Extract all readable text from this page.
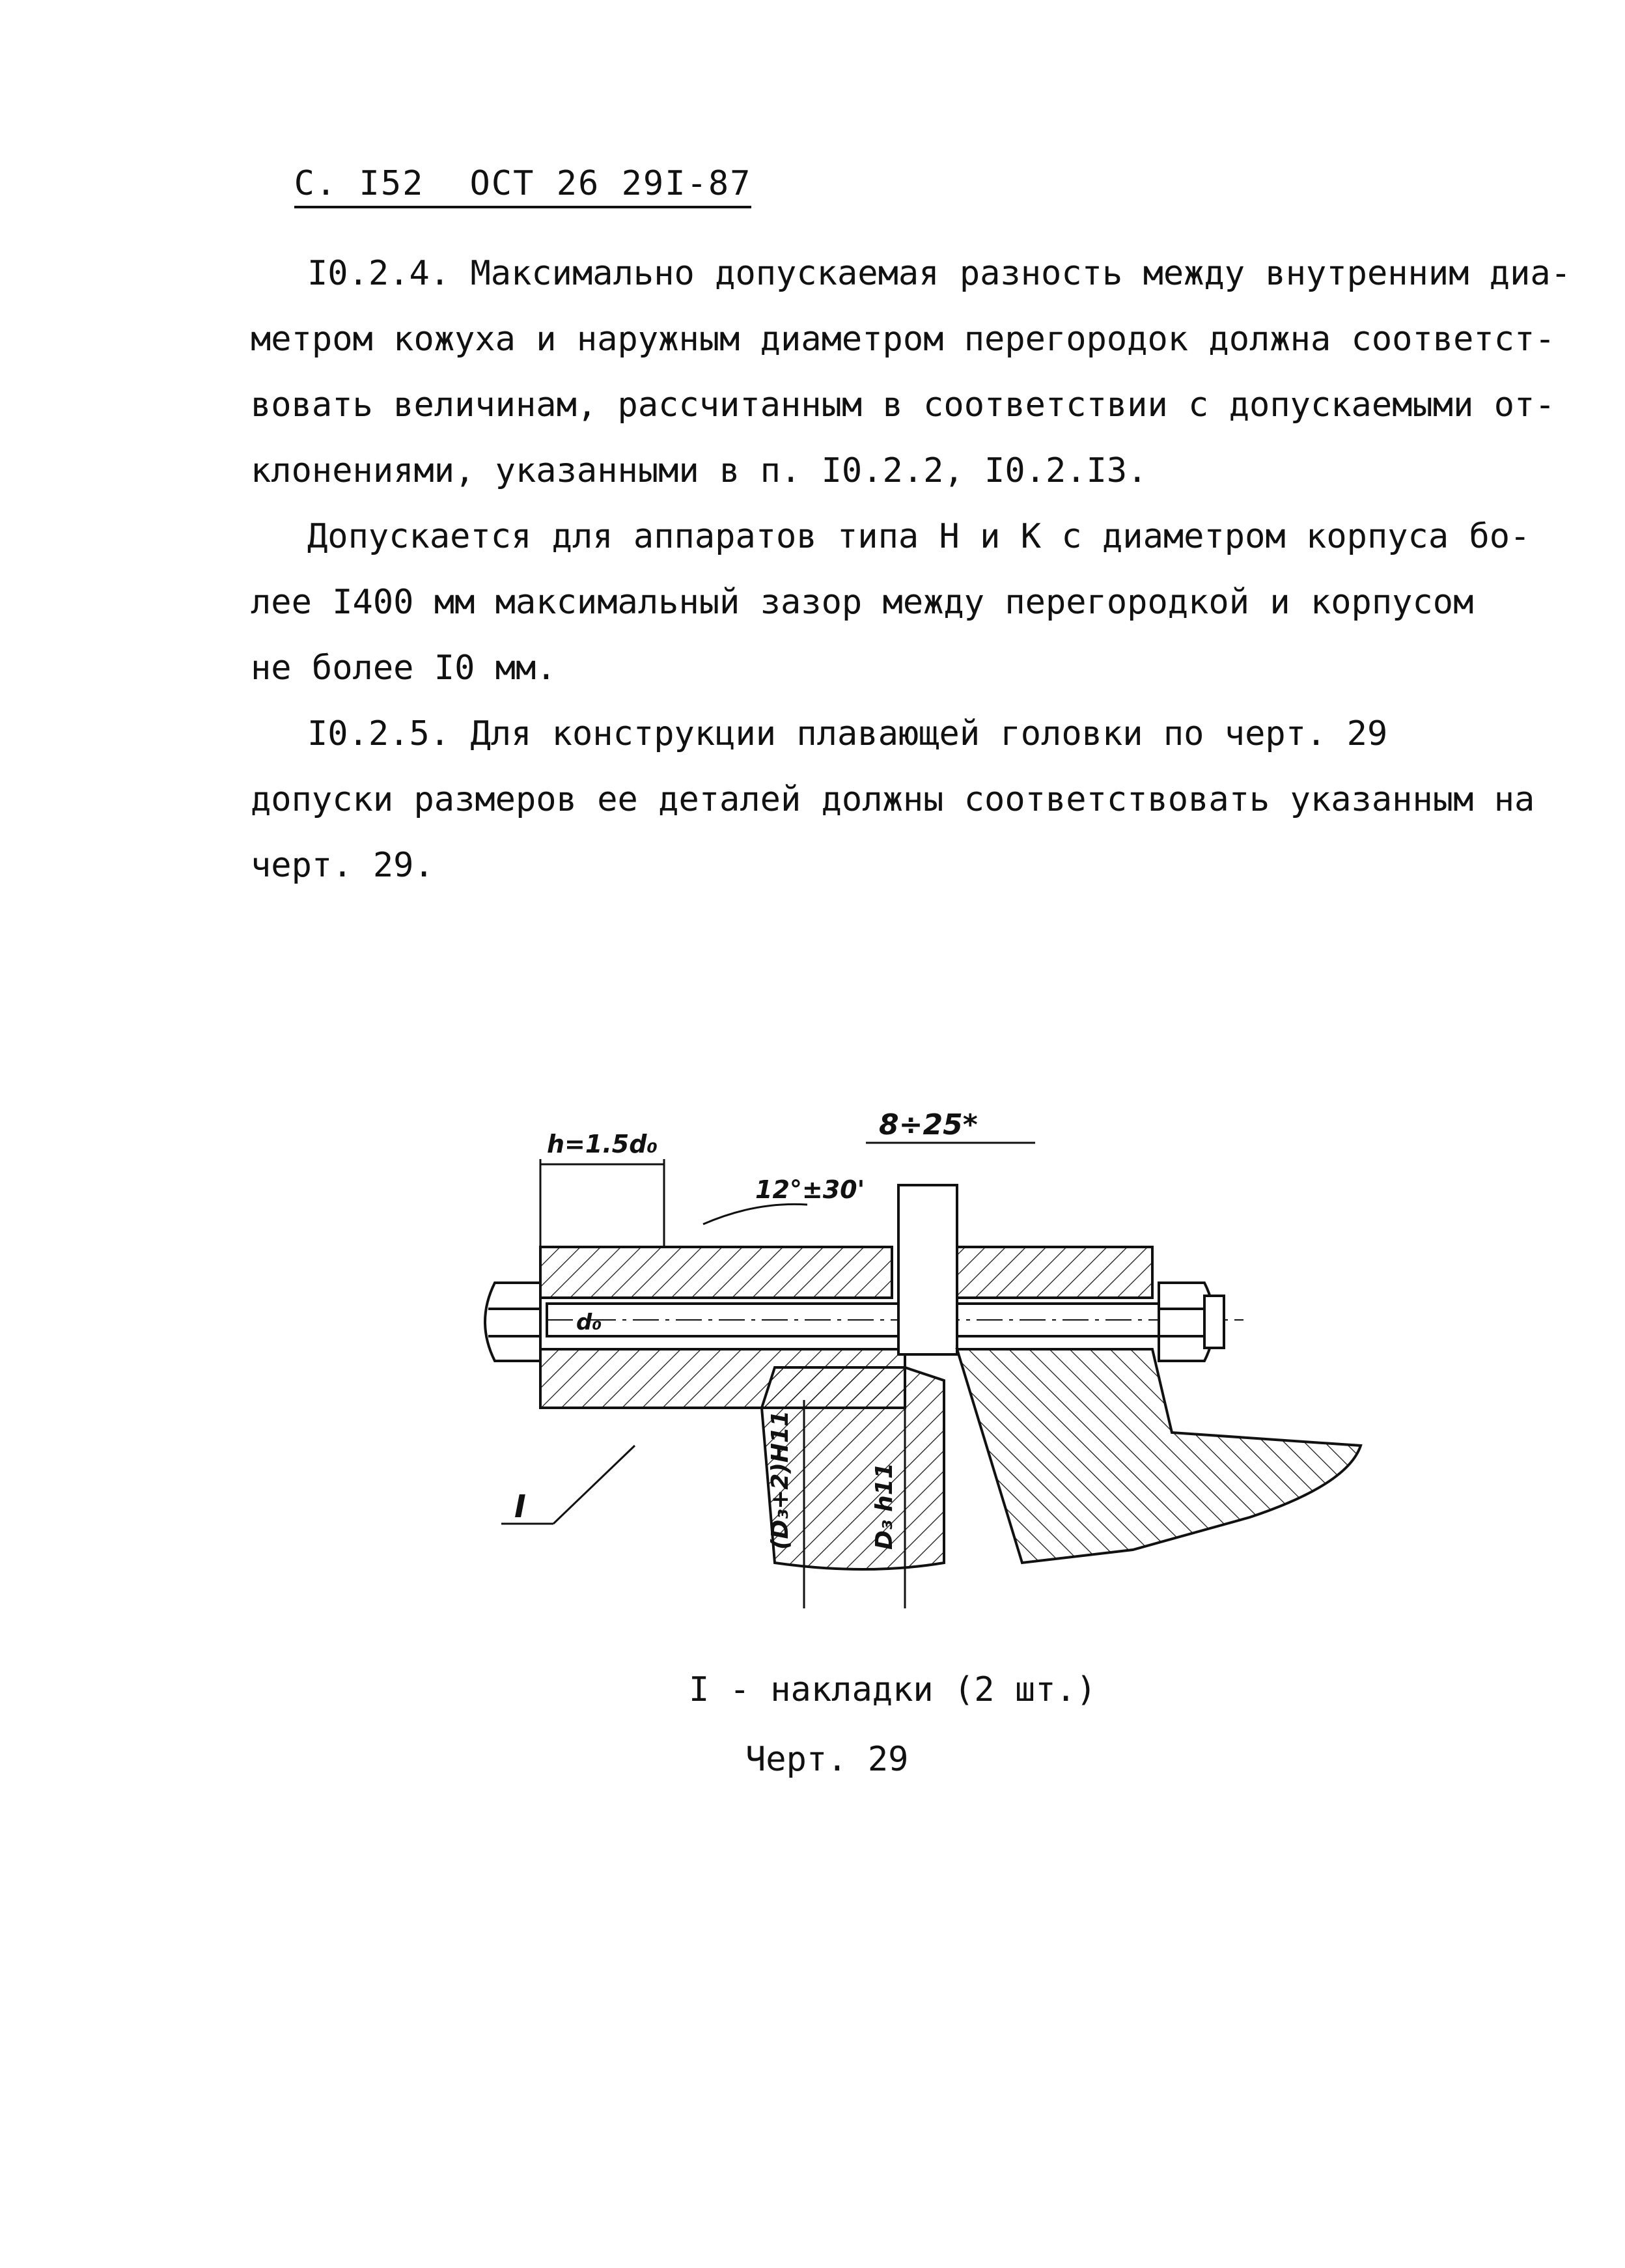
С. I52 ОСТ 26 29I-87

I0.2.4. Максимально допускаемая разность между внутренним диа-
метром кожуха и наружным диаметром перегородок должна соответст-
вовать величинам, рассчитанным в соответствии с допускаемыми от-
клонениями, указанными в п. I0.2.2, I0.2.I3.
Допускается для аппаратов типа Н и К с диаметром корпуса бо-
лее I400 мм максимальный зазор между перегородкой и корпусом
не более I0 мм.
I0.2.5. Для конструкции плавающей головки по черт. 29
допуски размеров ее деталей должны соответствовать указанным на
черт. 29.
8÷25*
h=1.5d₀
12°±30'
d₀
(D₃+2)H11	D₃ h11
I
I - накладки (2 шт.)
Черт. 29
